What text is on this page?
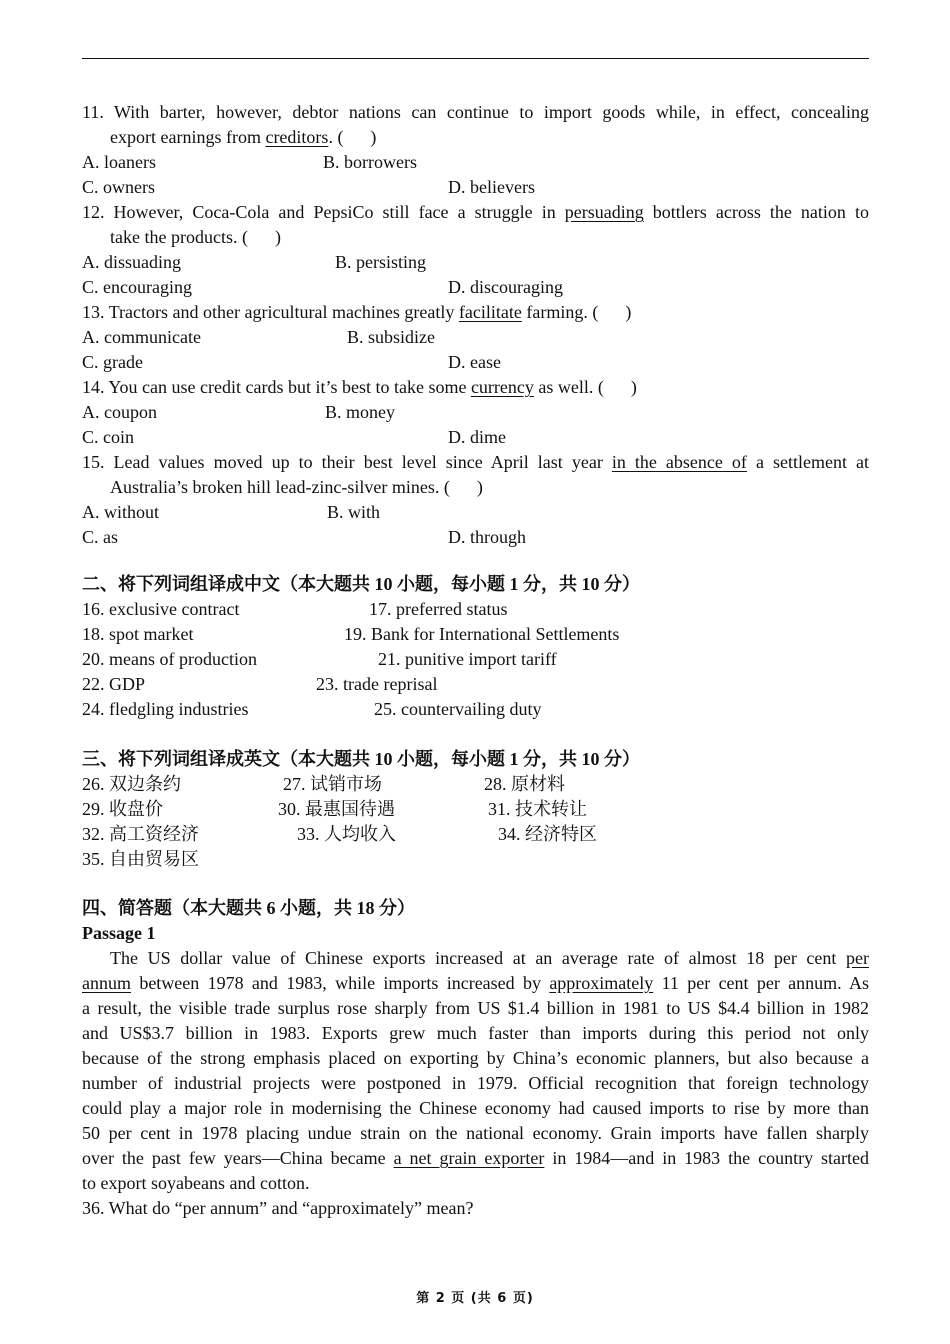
11. With barter, however, debtor nations can continue to import goods while, in effect, concealing
export earnings from creditors. (      )
A. loaners	B. borrowers
C. owners	D. believers
12. However, Coca-Cola and PepsiCo still face a struggle in persuading bottlers across the nation to
take the products. (      )
A. dissuading	B. persisting
C. encouraging	D. discouraging
13. Tractors and other agricultural machines greatly facilitate farming. (      )
A. communicate	B. subsidize
C. grade	D. ease
14. You can use credit cards but it’s best to take some currency as well. (      )
A. coupon	B. money
C. coin	D. dime
15. Lead values moved up to their best level since April last year in the absence of a settlement at
Australia’s broken hill lead-zinc-silver mines. (      )
A. without	B. with
C. as	D. through
二、将下列词组译成中文（本大题共 10 小题，每小题 1 分，共 10 分）
16. exclusive contract	17. preferred status
18. spot market	19. Bank for International Settlements
20. means of production	21. punitive import tariff
22. GDP	23. trade reprisal
24. fledgling industries	25. countervailing duty
三、将下列词组译成英文（本大题共 10 小题，每小题 1 分，共 10 分）
26. 双边条约	27. 试销市场	28. 原材料
29. 收盘价	30. 最惠国待遇	31. 技术转让
32. 高工资经济	33. 人均收入	34. 经济特区
35. 自由贸易区
四、简答题（本大题共 6 小题，共 18 分）
Passage 1
The US dollar value of Chinese exports increased at an average rate of almost 18 per cent per
annum between 1978 and 1983, while imports increased by approximately 11 per cent per annum. As
a result, the visible trade surplus rose sharply from US $1.4 billion in 1981 to US $4.4 billion in 1982
and US$3.7 billion in 1983. Exports grew much faster than imports during this period not only
because of the strong emphasis placed on exporting by China’s economic planners, but also because a
number of industrial projects were postponed in 1979. Official recognition that foreign technology
could play a major role in modernising the Chinese economy had caused imports to rise by more than
50 per cent in 1978 placing undue strain on the national economy. Grain imports have fallen sharply
over the past few years—China became a net grain exporter in 1984—and in 1983 the country started
to export soyabeans and cotton.
36. What do “per annum” and “approximately” mean?
第 2 页 (共 6 页)
